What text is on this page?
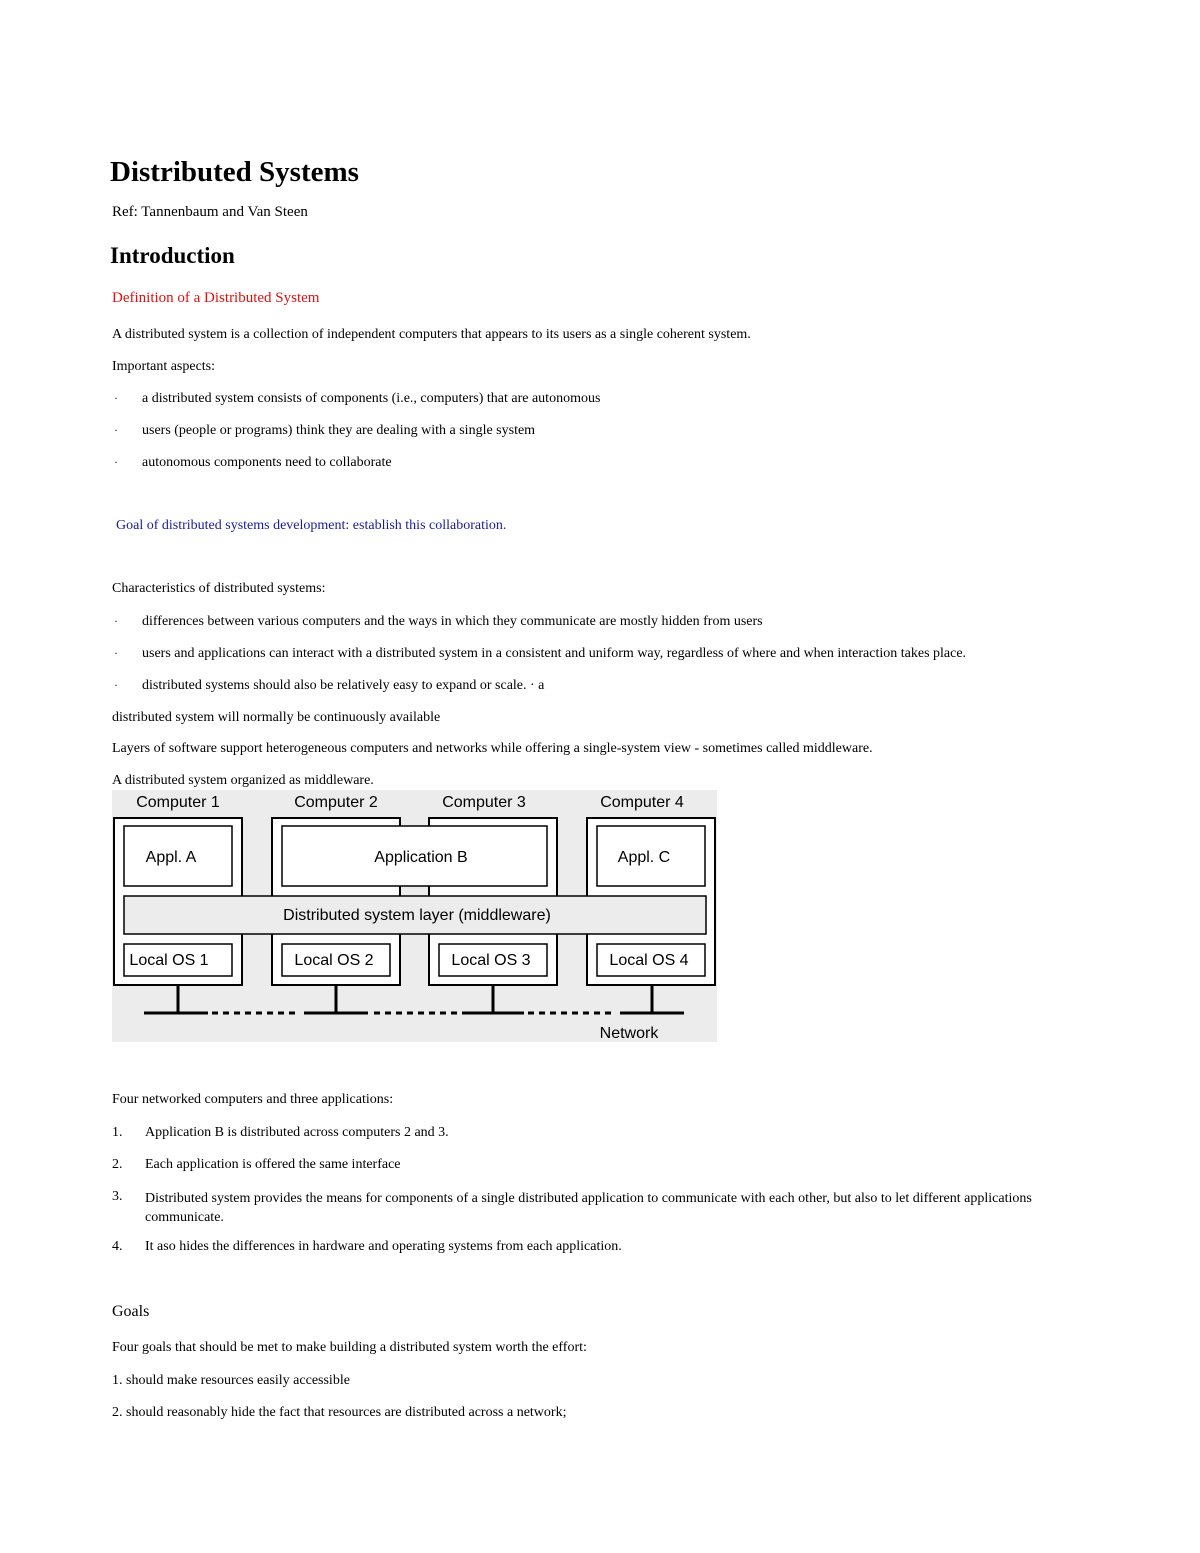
Distributed Systems
Ref: Tannenbaum and Van Steen
Introduction
Definition of a Distributed System
A distributed system is a collection of independent computers that appears to its users as a single coherent system.
Important aspects:
· a distributed system consists of components (i.e., computers) that are autonomous
· users (people or programs) think they are dealing with a single system
· autonomous components need to collaborate
Goal of distributed systems development: establish this collaboration.
Characteristics of distributed systems:
· differences between various computers and the ways in which they communicate are mostly hidden from users
· users and applications can interact with a distributed system in a consistent and uniform way, regardless of where and when interaction takes place.
· distributed systems should also be relatively easy to expand or scale. · a
distributed system will normally be continuously available
Layers of software support heterogeneous computers and networks while offering a single-system view - sometimes called middleware.
A distributed system organized as middleware.
Computer 1	Computer 2	Computer 3	Computer 4
Appl. A	Application B	Appl. C
Distributed system layer (middleware)
Local OS 1	Local OS 2	Local OS 3	Local OS 4
Network
Four networked computers and three applications:
1. Application B is distributed across computers 2 and 3.
2. Each application is offered the same interface
3. Distributed system provides the means for components of a single distributed application to communicate with each other, but also to let different applications communicate.
4. It aso hides the differences in hardware and operating systems from each application.
Goals
Four goals that should be met to make building a distributed system worth the effort:
1. should make resources easily accessible
2. should reasonably hide the fact that resources are distributed across a network;
